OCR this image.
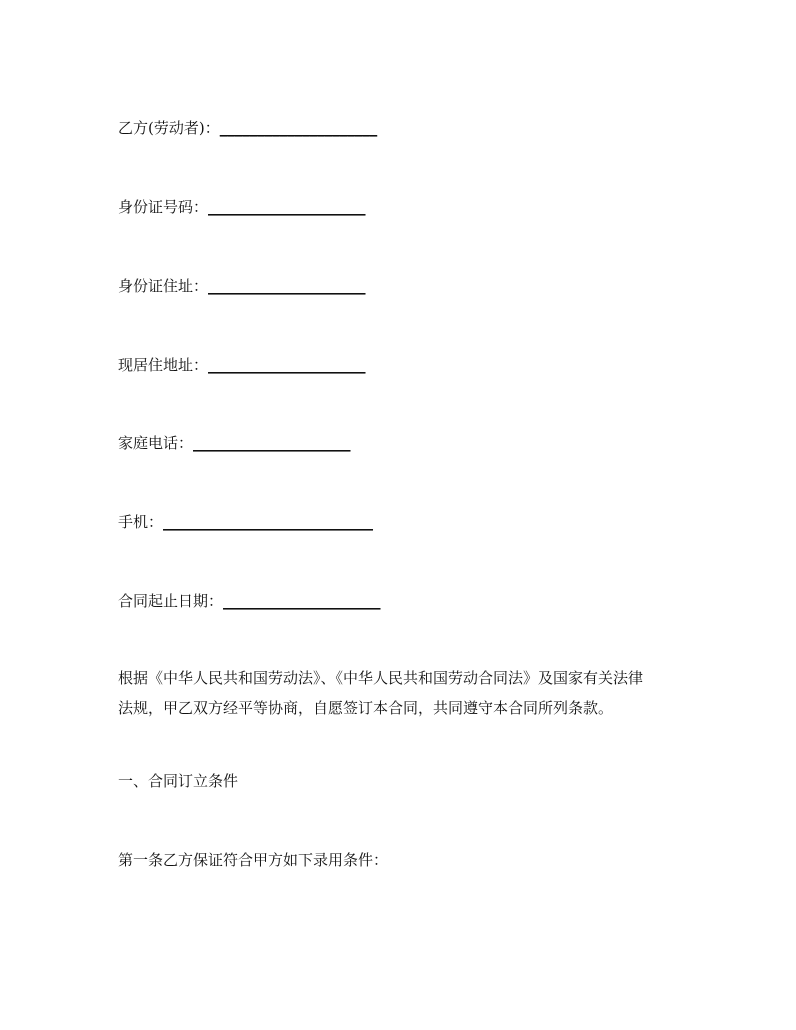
乙方(劳动者)：_____________________
身份证号码：_____________________
身份证住址：_____________________
现居住地址：_____________________
家庭电话：_____________________
手机：____________________________
合同起止日期：_____________________
根据《中华人民共和国劳动法》、《中华人民共和国劳动合同法》及国家有关法律
法规，甲乙双方经平等协商，自愿签订本合同，共同遵守本合同所列条款。
一、合同订立条件
第一条乙方保证符合甲方如下录用条件：
